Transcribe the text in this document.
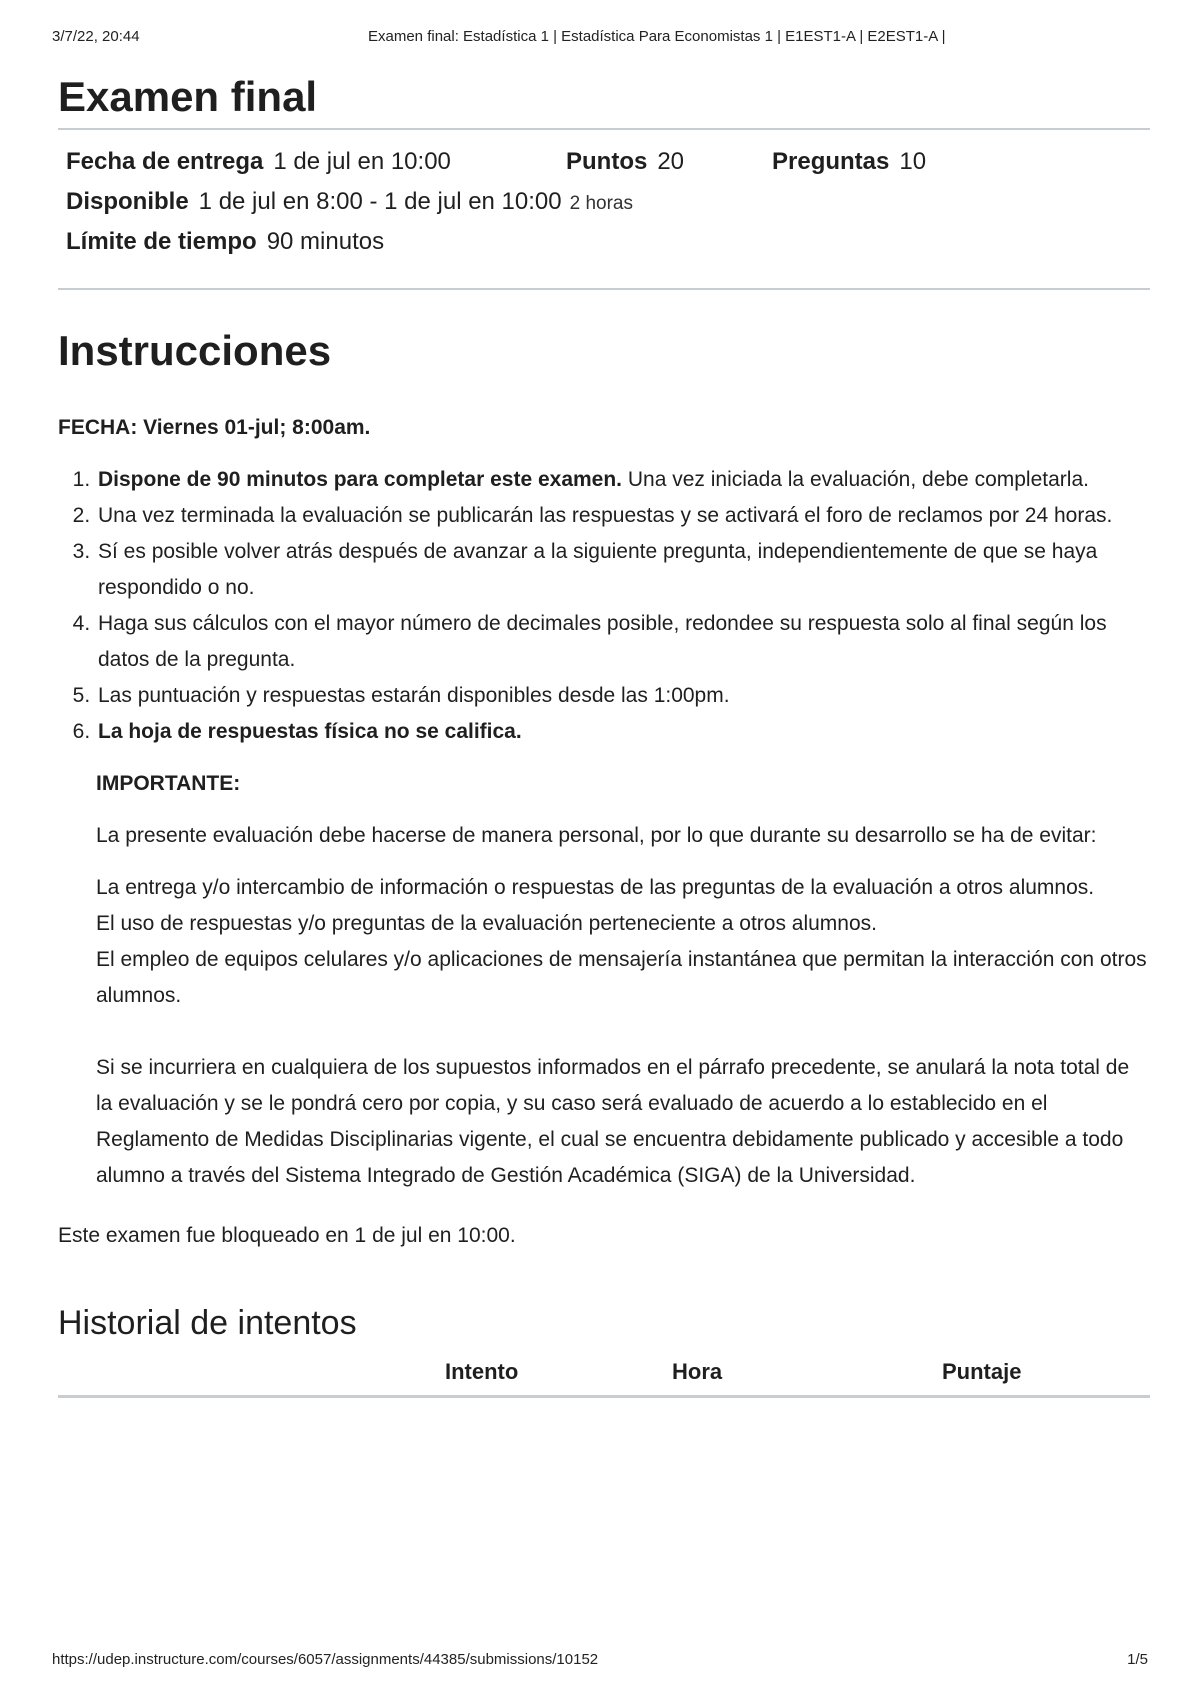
3/7/22, 20:44	Examen final: Estadística 1 | Estadística Para Economistas 1 | E1EST1-A | E2EST1-A |
Examen final
Fecha de entrega 1 de jul en 10:00	Puntos 20	Preguntas 10
Disponible 1 de jul en 8:00 - 1 de jul en 10:00 2 horas
Límite de tiempo 90 minutos
Instrucciones
FECHA: Viernes 01-jul; 8:00am.
1. Dispone de 90 minutos para completar este examen. Una vez iniciada la evaluación, debe completarla.
2. Una vez terminada la evaluación se publicarán las respuestas y se activará el foro de reclamos por 24 horas.
3. Sí es posible volver atrás después de avanzar a la siguiente pregunta, independientemente de que se haya respondido o no.
4. Haga sus cálculos con el mayor número de decimales posible, redondee su respuesta solo al final según los datos de la pregunta.
5. Las puntuación y respuestas estarán disponibles desde las 1:00pm.
6. La hoja de respuestas física no se califica.
IMPORTANTE:
La presente evaluación debe hacerse de manera personal, por lo que durante su desarrollo se ha de evitar:
La entrega y/o intercambio de información o respuestas de las preguntas de la evaluación a otros alumnos.
El uso de respuestas y/o preguntas de la evaluación perteneciente a otros alumnos.
El empleo de equipos celulares y/o aplicaciones de mensajería instantánea que permitan la interacción con otros alumnos.
Si se incurriera en cualquiera de los supuestos informados en el párrafo precedente, se anulará la nota total de la evaluación y se le pondrá cero por copia, y su caso será evaluado de acuerdo a lo establecido en el Reglamento de Medidas Disciplinarias vigente, el cual se encuentra debidamente publicado y accesible a todo alumno a través del Sistema Integrado de Gestión Académica (SIGA) de la Universidad.
Este examen fue bloqueado en 1 de jul en 10:00.
Historial de intentos
Intento	Hora	Puntaje
https://udep.instructure.com/courses/6057/assignments/44385/submissions/10152	1/5
